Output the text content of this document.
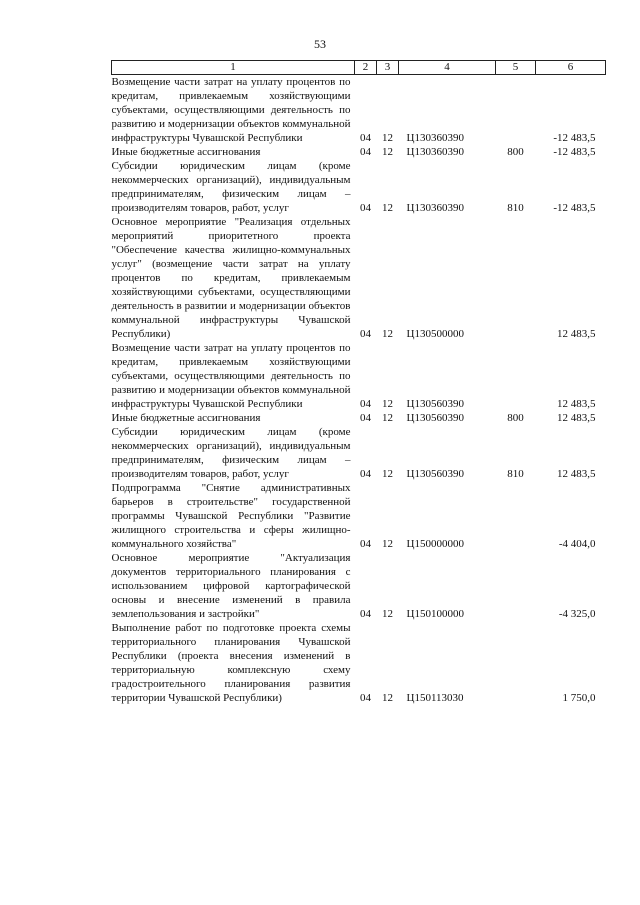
53
1	2	3	4	5	6
Возмещение части затрат на уплату процентов по кредитам, привлекаемым хозяйствующими субъектами, осуществляющими деятельность по развитию и модернизации объектов коммунальной инфраструктуры Чувашской Республики	04	12	Ц130360390		-12 483,5
Иные бюджетные ассигнования	04	12	Ц130360390	800	-12 483,5
Субсидии юридическим лицам (кроме некоммерческих организаций), индивидуальным предпринимателям, физическим лицам – производителям товаров, работ, услуг	04	12	Ц130360390	810	-12 483,5
Основное мероприятие "Реализация отдельных мероприятий приоритетного проекта "Обеспечение качества жилищно-коммунальных услуг" (возмещение части затрат на уплату процентов по кредитам, привлекаемым хозяйствующими субъектами, осуществляющими деятельность в развитии и модернизации объектов коммунальной инфраструктуры Чувашской Республики)	04	12	Ц130500000		12 483,5
Возмещение части затрат на уплату процентов по кредитам, привлекаемым хозяйствующими субъектами, осуществляющими деятельность по развитию и модернизации объектов коммунальной инфраструктуры Чувашской Республики	04	12	Ц130560390		12 483,5
Иные бюджетные ассигнования	04	12	Ц130560390	800	12 483,5
Субсидии юридическим лицам (кроме некоммерческих организаций), индивидуальным предпринимателям, физическим лицам – производителям товаров, работ, услуг	04	12	Ц130560390	810	12 483,5
Подпрограмма "Снятие административных барьеров в строительстве" государственной программы Чувашской Республики "Развитие жилищного строительства и сферы жилищно-коммунального хозяйства"	04	12	Ц150000000		-4 404,0
Основное мероприятие "Актуализация документов территориального планирования с использованием цифровой картографической основы и внесение изменений в правила землепользования и застройки"	04	12	Ц150100000		-4 325,0
Выполнение работ по подготовке проекта схемы территориального планирования Чувашской Республики (проекта внесения изменений в территориальную комплексную схему градостроительного планирования развития территории Чувашской Республики)	04	12	Ц150113030		1 750,0
